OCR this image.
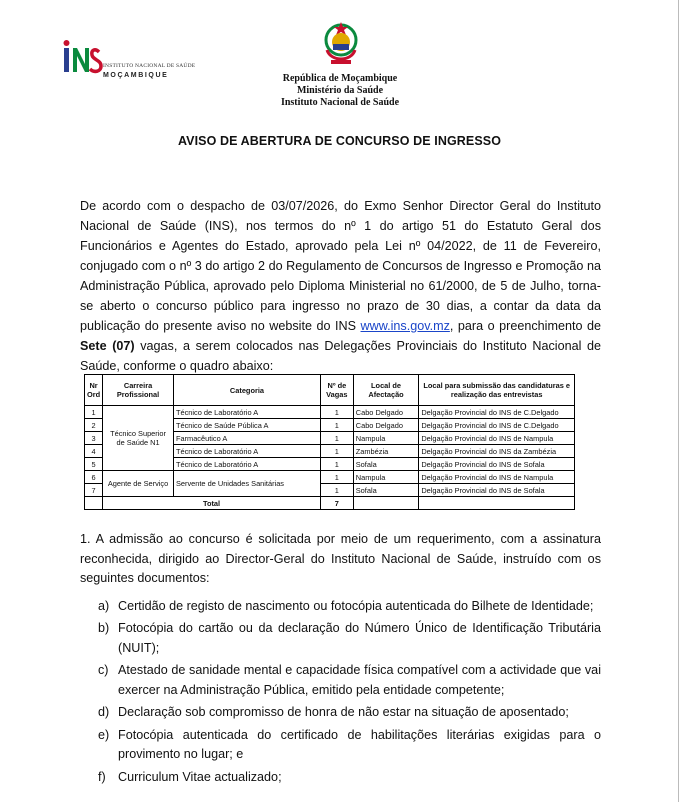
INSTITUTO NACIONAL DE SAÚDE
MOÇAMBIQUE	República de Moçambique
Ministério da Saúde
Instituto Nacional de Saúde
AVISO DE ABERTURA DE CONCURSO DE INGRESSO
De acordo com o despacho de 03/07/2026, do Exmo Senhor Director Geral do Instituto Nacional de Saúde (INS), nos termos do nº 1 do artigo 51 do Estatuto Geral dos Funcionários e Agentes do Estado, aprovado pela Lei nº 04/2022, de 11 de Fevereiro, conjugado com o nº 3 do artigo 2 do Regulamento de Concursos de Ingresso e Promoção na Administração Pública, aprovado pelo Diploma Ministerial no 61/2000, de 5 de Julho, torna-se aberto o concurso público para ingresso no prazo de 30 dias, a contar da data da publicação do presente aviso no website do INS www.ins.gov.mz, para o preenchimento de Sete (07) vagas, a serem colocados nas Delegações Provinciais do Instituto Nacional de Saúde, conforme o quadro abaixo:
Nr Ord	Carreira Profissional	Categoria	Nº de Vagas	Local de Afectação	Local para submissão das candidaturas e realização das entrevistas
1	Técnico Superior de Saúde N1	Técnico de Laboratório A	1	Cabo Delgado	Delgação Provincial do INS de C.Delgado
2		Técnico de Saúde Pública A	1	Cabo Delgado	Delgação Provincial do INS de C.Delgado
3		Farmacêutico A	1	Nampula	Delgação Provincial do INS de Nampula
4		Técnico de Laboratório A	1	Zambézia	Delgação Provincial do INS da Zambézia
5		Técnico de Laboratório A	1	Sofala	Delgação Provincial do INS de Sofala
6	Agente de Serviço	Servente de Unidades Sanitárias	1	Nampula	Delgação Provincial do INS de Nampula
7			1	Sofala	Delgação Provincial do INS de Sofala
	Total		7		
1. A admissão ao concurso é solicitada por meio de um requerimento, com a assinatura reconhecida, dirigido ao Director-Geral do Instituto Nacional de Saúde, instruído com os seguintes documentos:
a) Certidão de registo de nascimento ou fotocópia autenticada do Bilhete de Identidade;
b) Fotocópia do cartão ou da declaração do Número Único de Identificação Tributária (NUIT);
c) Atestado de sanidade mental e capacidade física compatível com a actividade que vai exercer na Administração Pública, emitido pela entidade competente;
d) Declaração sob compromisso de honra de não estar na situação de aposentado;
e) Fotocópia autenticada do certificado de habilitações literárias exigidas para o provimento no lugar; e
f) Curriculum Vitae actualizado;
